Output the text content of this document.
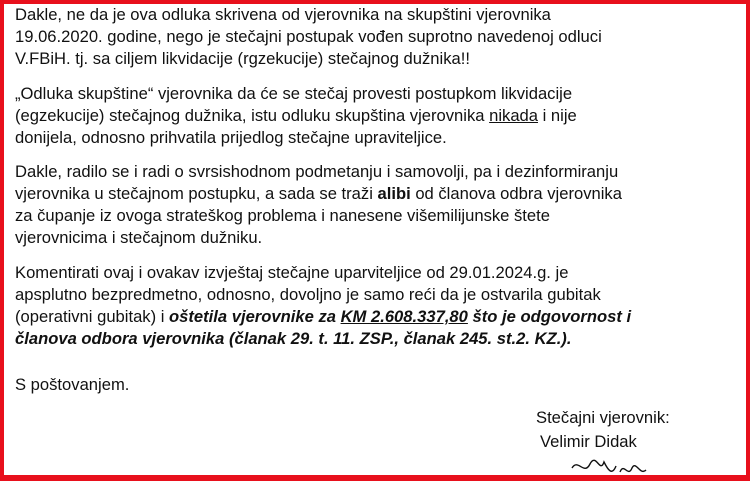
Dakle, ne da je ova odluka skrivena od vjerovnika na skupštini vjerovnika
19.06.2020. godine, nego je stečajni postupak vođen suprotno navedenoj odluci
V.FBiH. tj. sa ciljem likvidacije (rgzekucije) stečajnog dužnika!!

„Odluka skupštine“ vjerovnika da će se stečaj provesti postupkom likvidacije
(egzekucije) stečajnog dužnika, istu odluku skupština vjerovnika nikada i nije
donijela, odnosno prihvatila prijedlog stečajne upraviteljice.

Dakle, radilo se i radi o svrsishodnom podmetanju i samovolji, pa i dezinformiranju
vjerovnika u stečajnom postupku, a sada se traži alibi od članova odbra vjerovnika
za čupanje iz ovoga strateškog problema i nanesene višemilijunske štete
vjerovnicima i stečajnom dužniku.

Komentirati ovaj i ovakav izvještaj stečajne uparviteljice od 29.01.2024.g. je
apsplutno bezpredmetno, odnosno, dovoljno je samo reći da je ostvarila gubitak
(operativni gubitak) i oštetila vjerovnike za KM 2.608.337,80 što je odgovornost i
članova odbora vjerovnika (članak 29. t. 11. ZSP., članak 245. st.2. KZ.).

S poštovanjem.

Stečajni vjerovnik:
Velimir Didak
